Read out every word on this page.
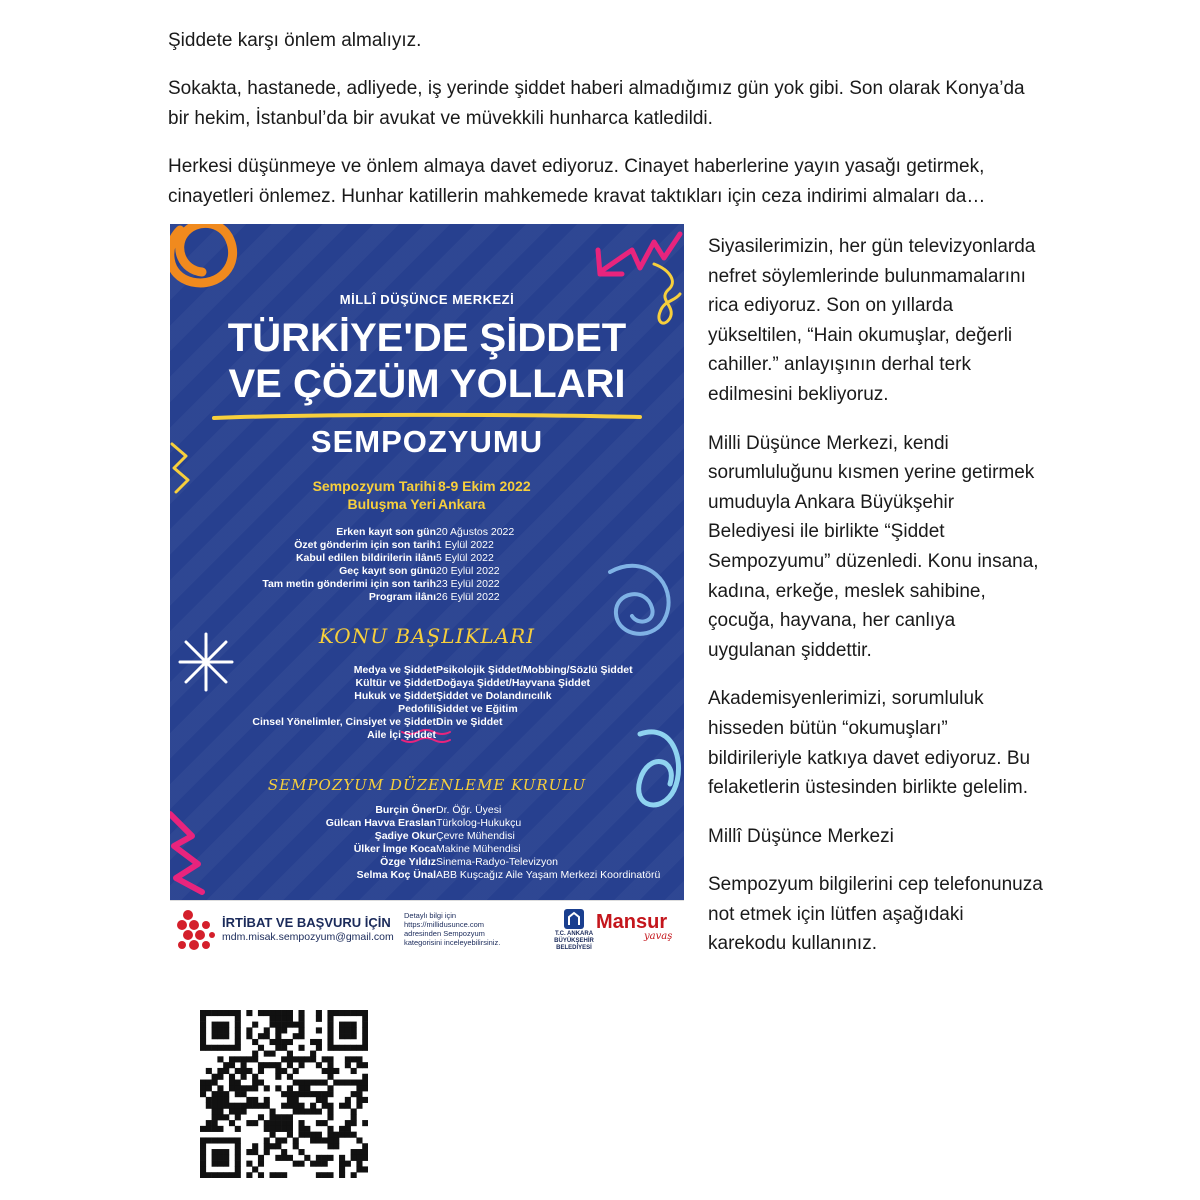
Şiddete karşı önlem almalıyız.

Sokakta, hastanede, adliyede, iş yerinde şiddet haberi almadığımız gün yok gibi. Son olarak Konya’da bir hekim, İstanbul’da bir avukat ve müvekkili hunharca katledildi.

Herkesi düşünmeye ve önlem almaya davet ediyoruz. Cinayet haberlerine yayın yasağı getirmek, cinayetleri önlemez. Hunhar katillerin mahkemede kravat taktıkları için ceza indirimi almaları da…

MİLLÎ DÜŞÜNCE MERKEZİ
TÜRKİYE'DE ŞİDDET
VE ÇÖZÜM YOLLARI
SEMPOZYUMU
Sempozyum Tarihi 8-9 Ekim 2022
Buluşma Yeri Ankara
Erken kayıt son gün 20 Ağustos 2022
Özet gönderim için son tarih 1 Eylül 2022
Kabul edilen bildirilerin ilânı 5 Eylül 2022
Geç kayıt son günü 20 Eylül 2022
Tam metin gönderimi için son tarih 23 Eylül 2022
Program ilânı 26 Eylül 2022
KONU BAŞLIKLARI
Medya ve Şiddet Psikolojik Şiddet/Mobbing/Sözlü Şiddet
Kültür ve Şiddet Doğaya Şiddet/Hayvana Şiddet
Hukuk ve Şiddet Şiddet ve Dolandırıcılık
Pedofili Şiddet ve Eğitim
Cinsel Yönelimler, Cinsiyet ve Şiddet Din ve Şiddet
Aile İçi Şiddet
SEMPOZYUM DÜZENLEME KURULU
Burçin Öner Dr. Öğr. Üyesi
Gülcan Havva Eraslan Türkolog-Hukukçu
Şadiye Okur Çevre Mühendisi
Ülker İmge Koca Makine Mühendisi
Özge Yıldız Sinema-Radyo-Televizyon
Selma Koç Ünal ABB Kuşcağız Aile Yaşam Merkezi Koordinatörü
İRTİBAT VE BAŞVURU İÇİN
mdm.misak.sempozyum@gmail.com
Detaylı bilgi için https://millidusunce.com adresinden Sempozyum kategorisini inceleyebilirsiniz.
T.C. ANKARA BÜYÜKŞEHİR BELEDİYESİ
Mansur
yavaş

Siyasilerimizin, her gün televizyonlarda nefret söylemlerinde bulunmamalarını rica ediyoruz. Son on yıllarda yükseltilen, “Hain okumuşlar, değerli cahiller.” anlayışının derhal terk edilmesini bekliyoruz.

Milli Düşünce Merkezi, kendi sorumluluğunu kısmen yerine getirmek umuduyla Ankara Büyükşehir Belediyesi ile birlikte “Şiddet Sempozyumu” düzenledi. Konu insana, kadına, erkeğe, meslek sahibine, çocuğa, hayvana, her canlıya uygulanan şiddettir.

Akademisyenlerimizi, sorumluluk hisseden bütün “okumuşları” bildirileriyle katkıya davet ediyoruz. Bu felaketlerin üstesinden birlikte gelelim.

Millî Düşünce Merkezi

Sempozyum bilgilerini cep telefonunuza not etmek için lütfen aşağıdaki karekodu kullanınız.
